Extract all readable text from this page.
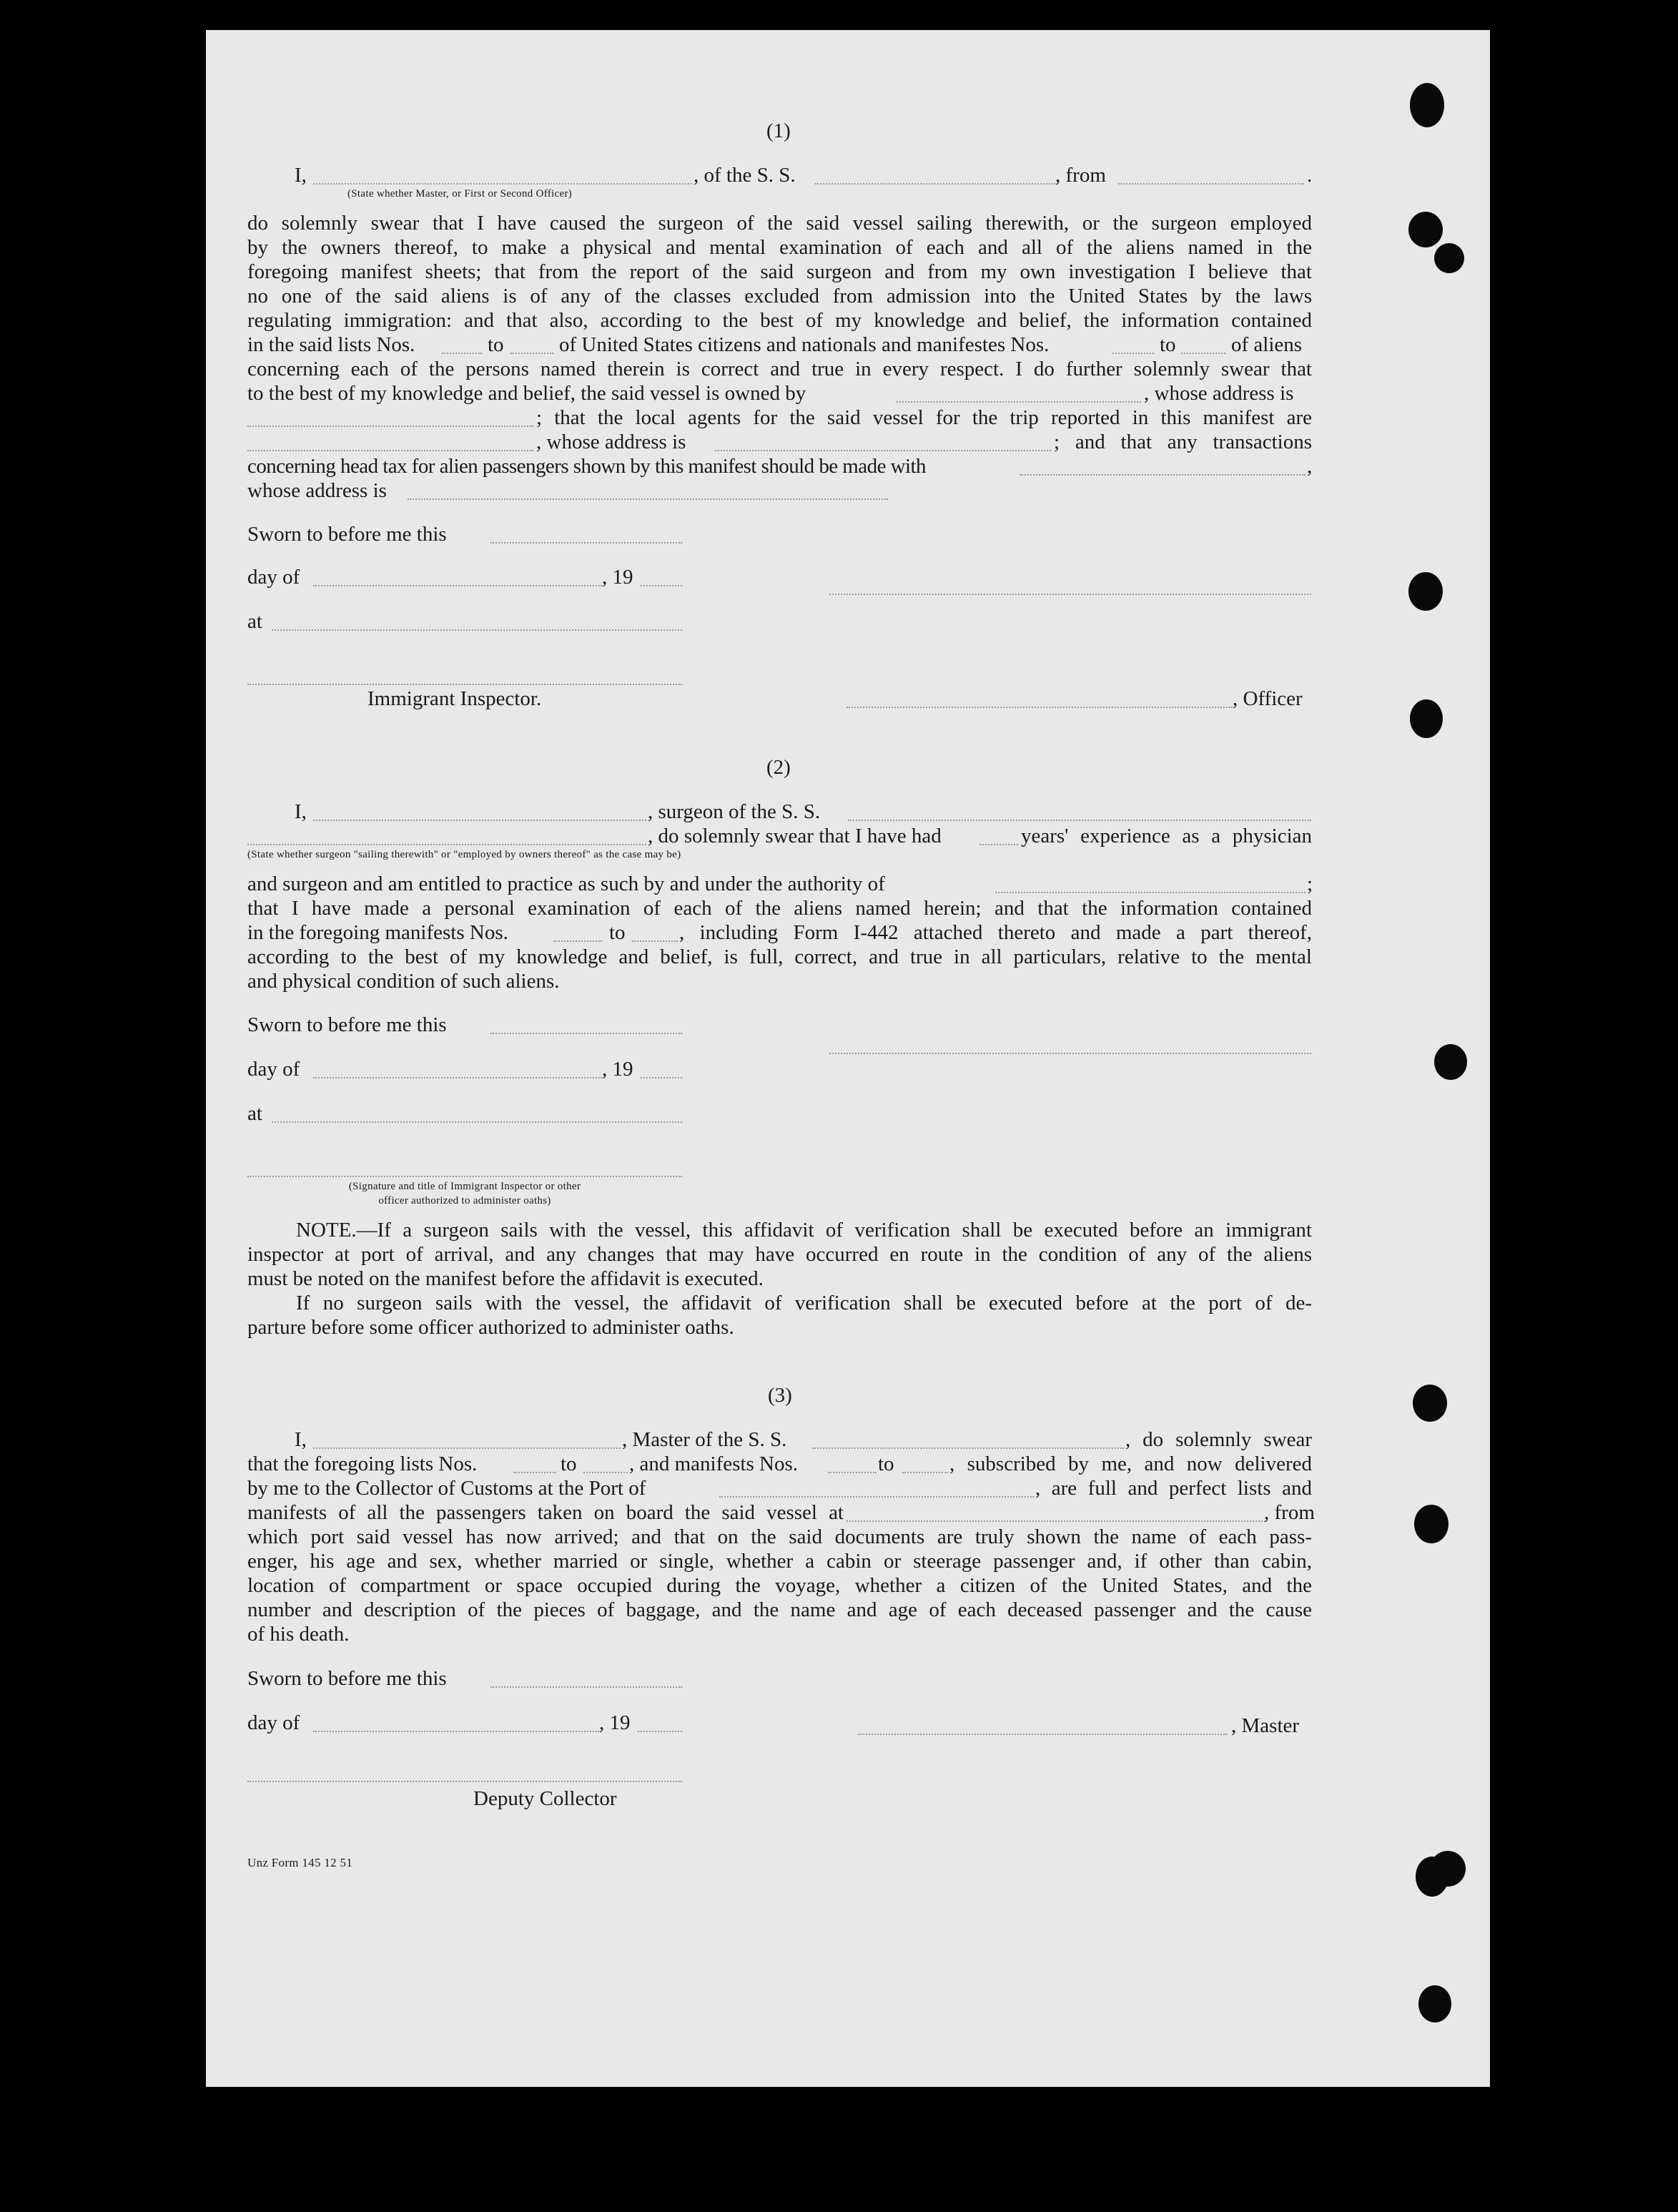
(1)
I,	, of the S. S.	, from	.
(State whether Master, or First or Second Officer)
do solemnly swear that I have caused the surgeon of the said vessel sailing therewith, or the surgeon employed
by the owners thereof, to make a physical and mental examination of each and all of the aliens named in the
foregoing manifest sheets; that from the report of the said surgeon and from my own investigation I believe that
no one of the said aliens is of any of the classes excluded from admission into the United States by the laws
regulating immigration: and that also, according to the best of my knowledge and belief, the information contained
in the said lists Nos.	to	of United States citizens and nationals and manifestes Nos.	to	of aliens
concerning each of the persons named therein is correct and true in every respect. I do further solemnly swear that
to the best of my knowledge and belief, the said vessel is owned by	, whose address is
; that the local agents for the said vessel for the trip reported in this manifest are
, whose address is	; and that any transactions
concerning head tax for alien passengers shown by this manifest should be made with	,
whose address is
Sworn to before me this
day of	, 19
at
Immigrant Inspector.	, Officer
(2)
I,	, surgeon of the S. S.
, do solemnly swear that I have had	years' experience as a physician
(State whether surgeon "sailing therewith" or "employed by owners thereof" as the case may be)
and surgeon and am entitled to practice as such by and under the authority of	;
that I have made a personal examination of each of the aliens named herein; and that the information contained
in the foregoing manifests Nos.	to	, including Form I-442 attached thereto and made a part thereof,
according to the best of my knowledge and belief, is full, correct, and true in all particulars, relative to the mental
and physical condition of such aliens.
Sworn to before me this
day of	, 19
at
(Signature and title of Immigrant Inspector or other
officer authorized to administer oaths)
NOTE.—If a surgeon sails with the vessel, this affidavit of verification shall be executed before an immigrant
inspector at port of arrival, and any changes that may have occurred en route in the condition of any of the aliens
must be noted on the manifest before the affidavit is executed.
If no surgeon sails with the vessel, the affidavit of verification shall be executed before at the port of de-
parture before some officer authorized to administer oaths.
(3)
I,	, Master of the S. S.	, do solemnly swear
that the foregoing lists Nos.	to	, and manifests Nos.	to	, subscribed by me, and now delivered
by me to the Collector of Customs at the Port of	, are full and perfect lists and
manifests of all the passengers taken on board the said vessel at	, from
which port said vessel has now arrived; and that on the said documents are truly shown the name of each pass-
enger, his age and sex, whether married or single, whether a cabin or steerage passenger and, if other than cabin,
location of compartment or space occupied during the voyage, whether a citizen of the United States, and the
number and description of the pieces of baggage, and the name and age of each deceased passenger and the cause
of his death.
Sworn to before me this
day of	, 19	, Master
Deputy Collector
Unz Form 145 12 51
